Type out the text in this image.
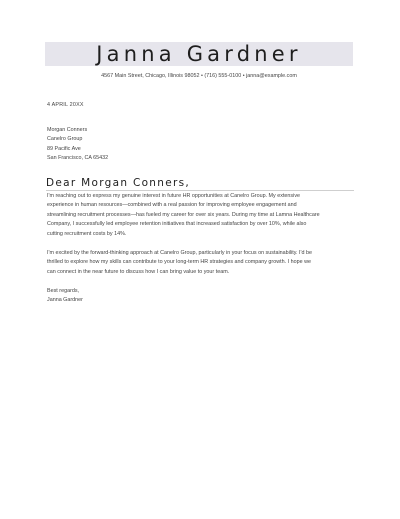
Janna Gardner
4567 Main Street, Chicago, Illinois 98052 • (716) 555-0100 • janna@example.com
4 APRIL 20XX
Morgan Conners
Canelro Group
89 Pacific Ave
San Francisco, CA 65432
Dear Morgan Conners,
I'm reaching out to express my genuine interest in future HR opportunities at Canelro Group. My extensive
experience in human resources—combined with a real passion for improving employee engagement and
streamlining recruitment processes—has fueled my career for over six years. During my time at Lamna Healthcare
Company, I successfully led employee retention initiatives that increased satisfaction by over 10%, while also
cutting recruitment costs by 14%.
I'm excited by the forward-thinking approach at Canelro Group, particularly in your focus on sustainability. I'd be
thrilled to explore how my skills can contribute to your long-term HR strategies and company growth. I hope we
can connect in the near future to discuss how I can bring value to your team.
Best regards,
Janna Gardner
